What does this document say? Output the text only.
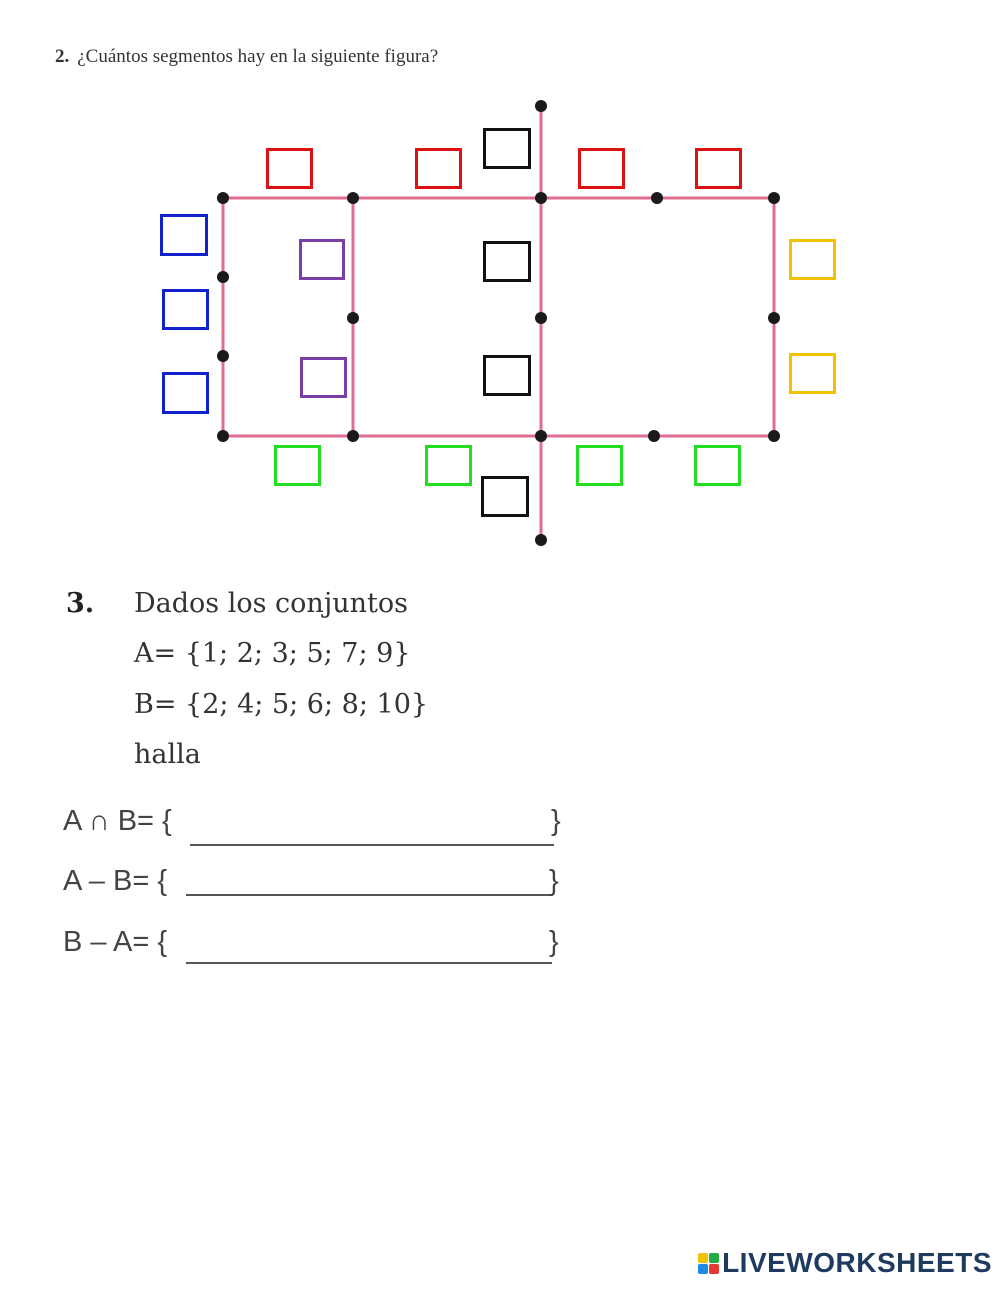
2. ¿Cuántos segmentos hay en la siguiente figura?
3. Dados los conjuntos
A= {1; 2; 3; 5; 7; 9}
B= {2; 4; 5; 6; 8; 10}
halla
A ∩ B= {	}
A – B= {	}
B – A= {	}
LIVEWORKSHEETS
